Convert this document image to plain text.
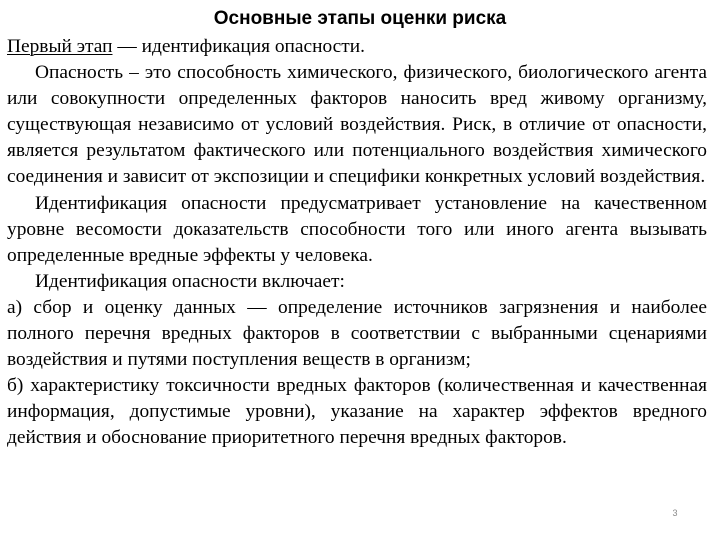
Основные этапы оценки риска

Первый этап — идентификация опасности.

Опасность – это способность химического, физического, биологического агента или совокупности определенных факторов наносить вред живому организму, существующая независимо от условий воздействия. Риск, в отличие от опасности, является результатом фактического или потенциального воздействия химического соединения и зависит от экспозиции и специфики конкретных условий воздействия.

Идентификация опасности предусматривает установление на качественном уровне весомости доказательств способности того или иного агента вызывать определенные вредные эффекты у человека.

Идентификация опасности включает:

а) сбор и оценку данных — определение источников загрязнения и наиболее полного перечня вредных факторов в соответствии с выбранными сценариями воздействия и путями поступления веществ в организм;

б) характеристику токсичности вредных факторов (количественная и качественная информация, допустимые уровни), указание на характер эффектов вредного действия и обоснование приоритетного перечня вредных факторов.

3
